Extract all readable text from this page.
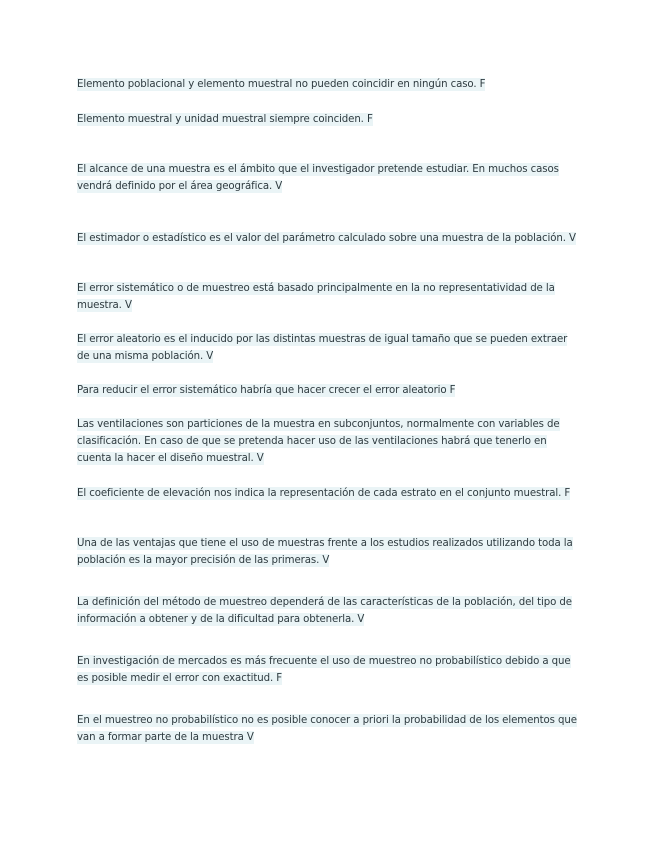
Elemento poblacional y elemento muestral no pueden coincidir en ningún caso. F

Elemento muestral y unidad muestral siempre coinciden. F

El alcance de una muestra es el ámbito que el investigador pretende estudiar. En muchos casos vendrá definido por el área geográfica. V

El estimador o estadístico es el valor del parámetro calculado sobre una muestra de la población. V

El error sistemático o de muestreo está basado principalmente en la no representatividad de la muestra. V

El error aleatorio es el inducido por las distintas muestras de igual tamaño que se pueden extraer de una misma población. V

Para reducir el error sistemático habría que hacer crecer el error aleatorio F

Las ventilaciones son particiones de la muestra en subconjuntos, normalmente con variables de clasificación. En caso de que se pretenda hacer uso de las ventilaciones habrá que tenerlo en cuenta la hacer el diseño muestral. V

El coeficiente de elevación nos indica la representación de cada estrato en el conjunto muestral. F

Una de las ventajas que tiene el uso de muestras frente a los estudios realizados utilizando toda la población es la mayor precisión de las primeras. V

La definición del método de muestreo dependerá de las características de la población, del tipo de información a obtener y de la dificultad para obtenerla. V

En investigación de mercados es más frecuente el uso de muestreo no probabilístico debido a que es posible medir el error con exactitud. F

En el muestreo no probabilístico no es posible conocer a priori la probabilidad de los elementos que van a formar parte de la muestra V
